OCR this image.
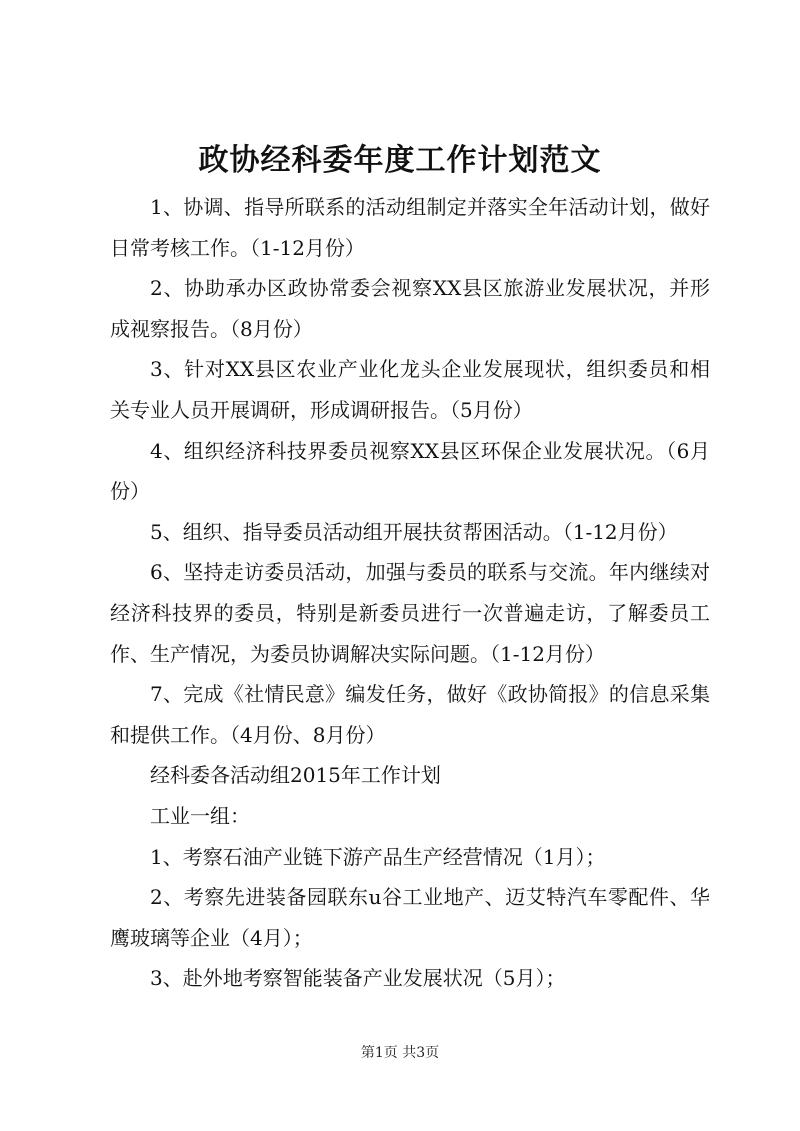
政协经科委年度工作计划范文

1、协调、指导所联系的活动组制定并落实全年活动计划，做好日常考核工作。（1-12月份）

2、协助承办区政协常委会视察XX县区旅游业发展状况，并形成视察报告。（8月份）

3、针对XX县区农业产业化龙头企业发展现状，组织委员和相关专业人员开展调研，形成调研报告。（5月份）

4、组织经济科技界委员视察XX县区环保企业发展状况。（6月份）

5、组织、指导委员活动组开展扶贫帮困活动。（1-12月份）

6、坚持走访委员活动，加强与委员的联系与交流。年内继续对经济科技界的委员，特别是新委员进行一次普遍走访，了解委员工作、生产情况，为委员协调解决实际问题。（1-12月份）

7、完成《社情民意》编发任务，做好《政协简报》的信息采集和提供工作。（4月份、8月份）

经科委各活动组2015年工作计划

工业一组：

1、考察石油产业链下游产品生产经营情况（1月）；

2、考察先进装备园联东u谷工业地产、迈艾特汽车零配件、华鹰玻璃等企业（4月）；

3、赴外地考察智能装备产业发展状况（5月）；

第1页 共3页
